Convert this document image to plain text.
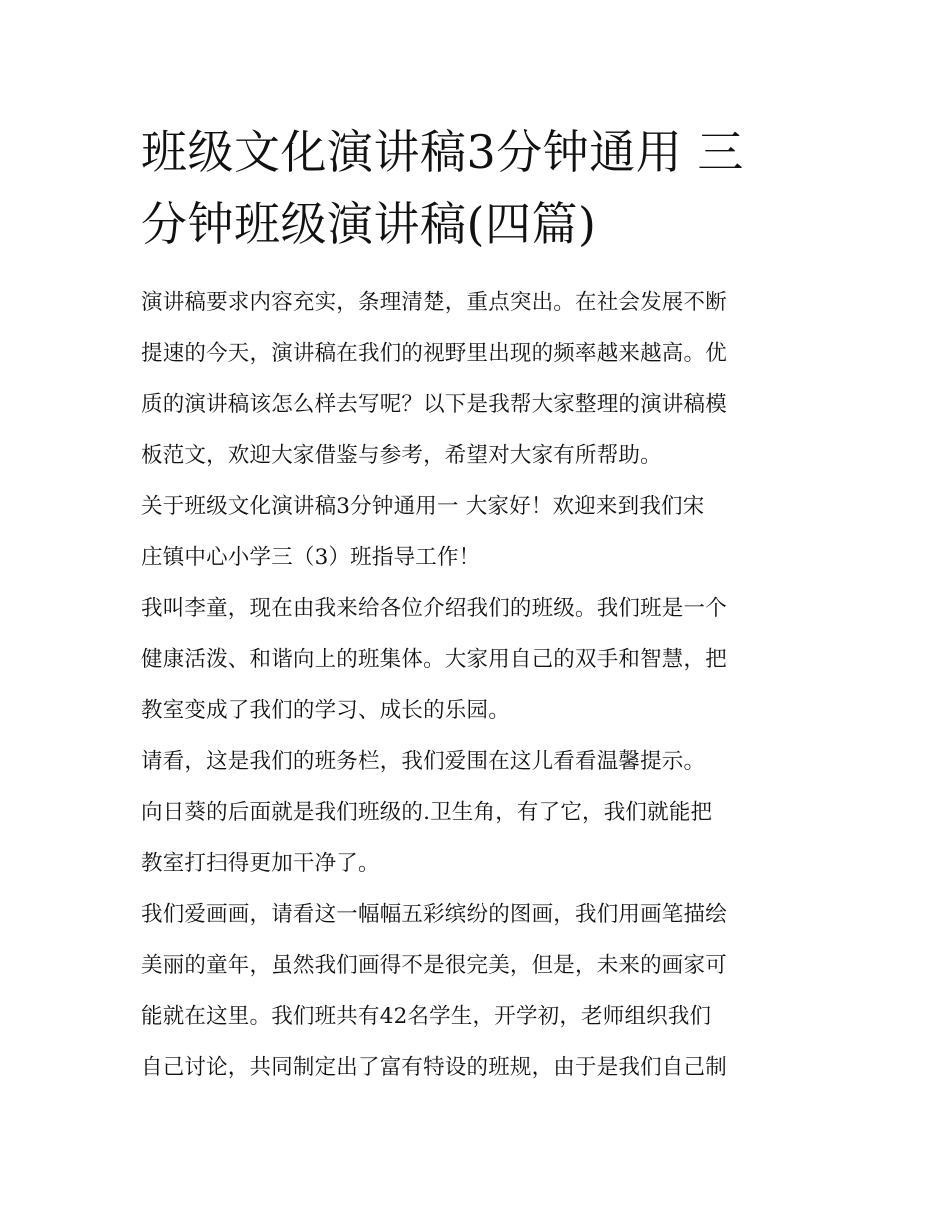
班级文化演讲稿3分钟通用 三
分钟班级演讲稿(四篇)

演讲稿要求内容充实，条理清楚，重点突出。在社会发展不断
提速的今天，演讲稿在我们的视野里出现的频率越来越高。优
质的演讲稿该怎么样去写呢？以下是我帮大家整理的演讲稿模
板范文，欢迎大家借鉴与参考，希望对大家有所帮助。

关于班级文化演讲稿3分钟通用一 大家好！欢迎来到我们宋
庄镇中心小学三（3）班指导工作！

我叫李童，现在由我来给各位介绍我们的班级。我们班是一个
健康活泼、和谐向上的班集体。大家用自己的双手和智慧，把
教室变成了我们的学习、成长的乐园。

请看，这是我们的班务栏，我们爱围在这儿看看温馨提示。

向日葵的后面就是我们班级的.卫生角，有了它，我们就能把
教室打扫得更加干净了。

我们爱画画，请看这一幅幅五彩缤纷的图画，我们用画笔描绘
美丽的童年，虽然我们画得不是很完美，但是，未来的画家可
能就在这里。我们班共有42名学生，开学初，老师组织我们
自己讨论，共同制定出了富有特设的班规，由于是我们自己制
